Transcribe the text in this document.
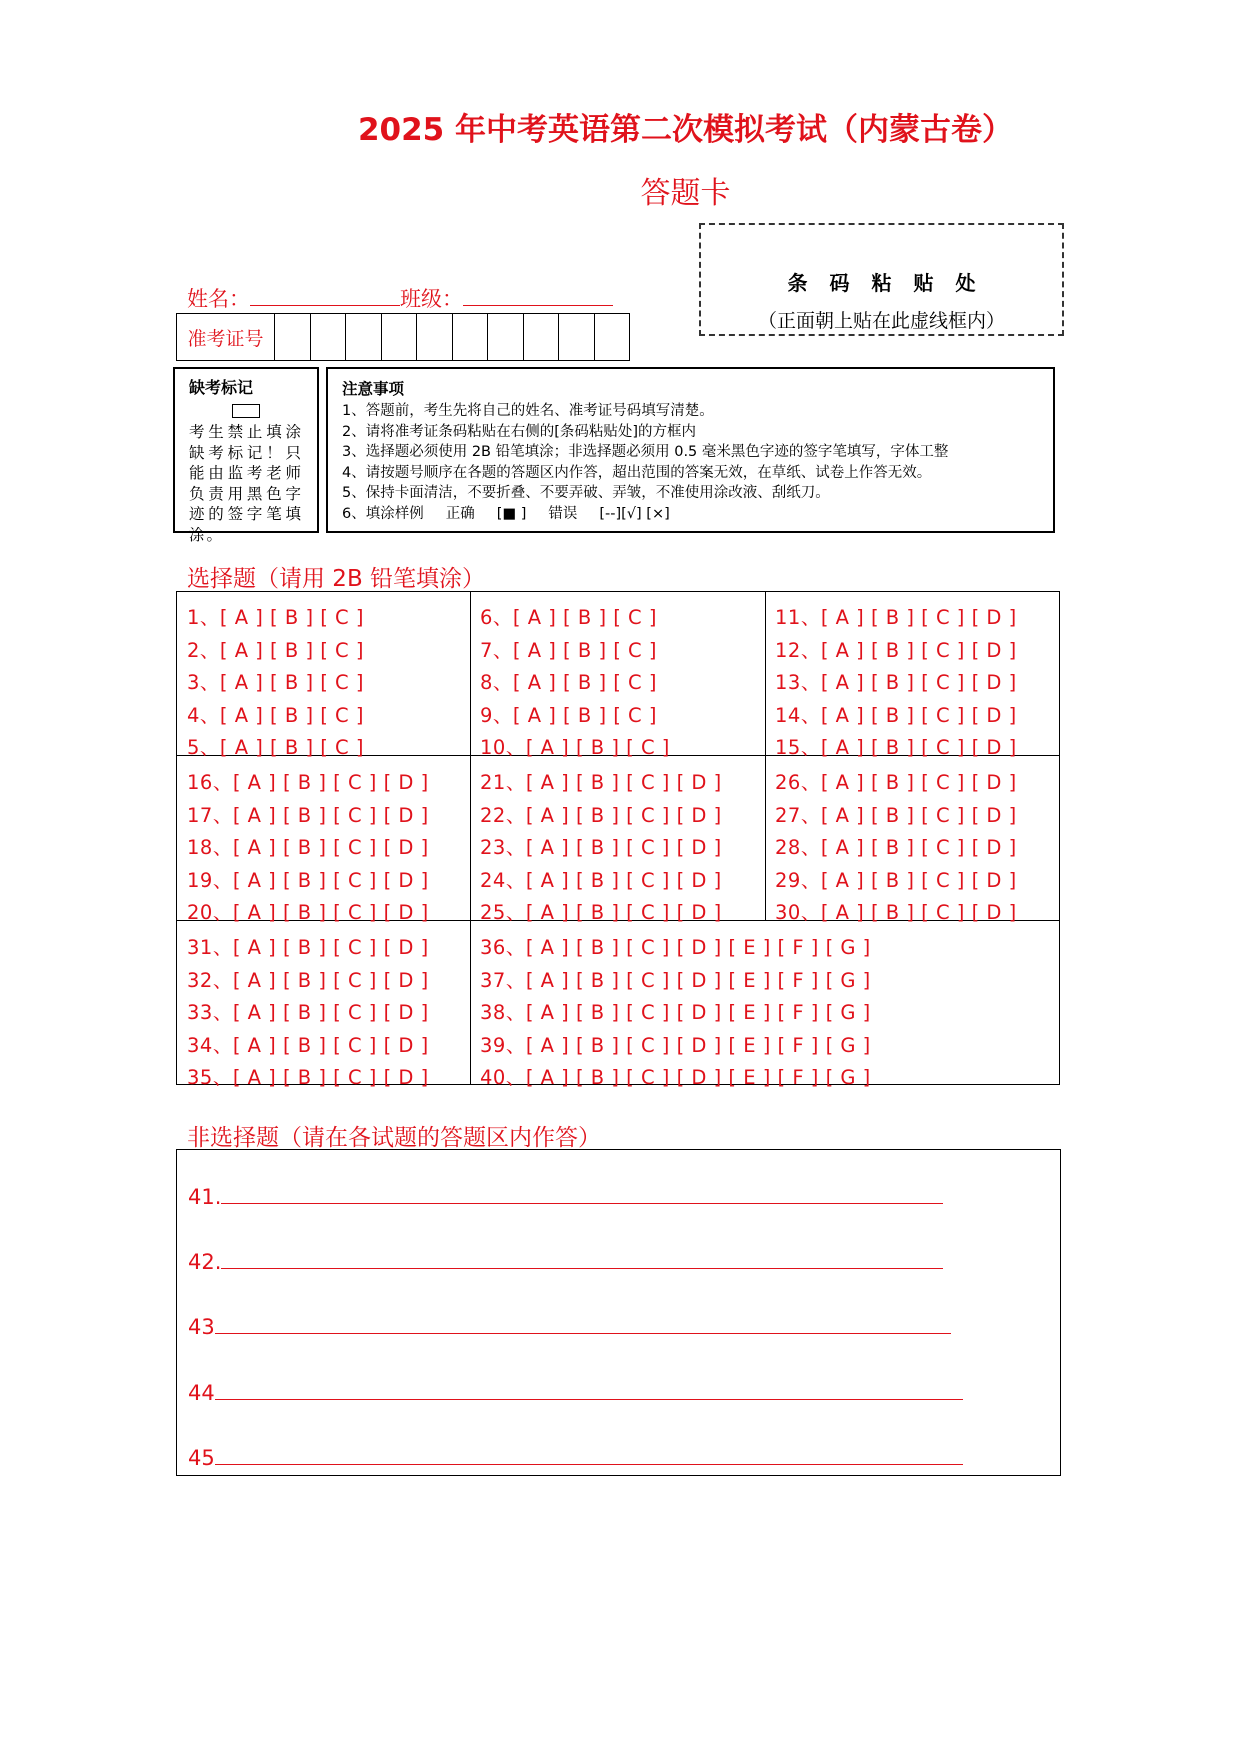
2025 年中考英语第二次模拟考试（内蒙古卷）
答题卡
条码粘贴处
（正面朝上贴在此虚线框内）
姓名：	班级：
准考证号
缺考标记
考生禁止填涂缺考标记！只能由监考老师负责用黑色字迹的签字笔填涂。
注意事项
1、答题前，考生先将自己的姓名、准考证号码填写清楚。
2、请将准考证条码粘贴在右侧的[条码粘贴处]的方框内
3、选择题必须使用 2B 铅笔填涂；非选择题必须用 0.5 毫米黑色字迹的签字笔填写，字体工整
4、请按题号顺序在各题的答题区内作答，超出范围的答案无效，在草纸、试卷上作答无效。
5、保持卡面清洁，不要折叠、不要弄破、弄皱，不准使用涂改液、刮纸刀。
6、填涂样例 正确 [■ ] 错误 [--][√] [×]
选择题（请用 2B 铅笔填涂）
1、[ A ] [ B ] [ C ]
2、[ A ] [ B ] [ C ]
3、[ A ] [ B ] [ C ]
4、[ A ] [ B ] [ C ]
5、[ A ] [ B ] [ C ]
6、[ A ] [ B ] [ C ]
7、[ A ] [ B ] [ C ]
8、[ A ] [ B ] [ C ]
9、[ A ] [ B ] [ C ]
10、[ A ] [ B ] [ C ]
11、[ A ] [ B ] [ C ] [ D ]
12、[ A ] [ B ] [ C ] [ D ]
13、[ A ] [ B ] [ C ] [ D ]
14、[ A ] [ B ] [ C ] [ D ]
15、[ A ] [ B ] [ C ] [ D ]
16、[ A ] [ B ] [ C ] [ D ]
17、[ A ] [ B ] [ C ] [ D ]
18、[ A ] [ B ] [ C ] [ D ]
19、[ A ] [ B ] [ C ] [ D ]
20、[ A ] [ B ] [ C ] [ D ]
21、[ A ] [ B ] [ C ] [ D ]
22、[ A ] [ B ] [ C ] [ D ]
23、[ A ] [ B ] [ C ] [ D ]
24、[ A ] [ B ] [ C ] [ D ]
25、[ A ] [ B ] [ C ] [ D ]
26、[ A ] [ B ] [ C ] [ D ]
27、[ A ] [ B ] [ C ] [ D ]
28、[ A ] [ B ] [ C ] [ D ]
29、[ A ] [ B ] [ C ] [ D ]
30、[ A ] [ B ] [ C ] [ D ]
31、[ A ] [ B ] [ C ] [ D ]
32、[ A ] [ B ] [ C ] [ D ]
33、[ A ] [ B ] [ C ] [ D ]
34、[ A ] [ B ] [ C ] [ D ]
35、[ A ] [ B ] [ C ] [ D ]
36、[ A ] [ B ] [ C ] [ D ] [ E ] [ F ] [ G ]
37、[ A ] [ B ] [ C ] [ D ] [ E ] [ F ] [ G ]
38、[ A ] [ B ] [ C ] [ D ] [ E ] [ F ] [ G ]
39、[ A ] [ B ] [ C ] [ D ] [ E ] [ F ] [ G ]
40、[ A ] [ B ] [ C ] [ D ] [ E ] [ F ] [ G ]
非选择题（请在各试题的答题区内作答）
41.
42.
43
44
45
